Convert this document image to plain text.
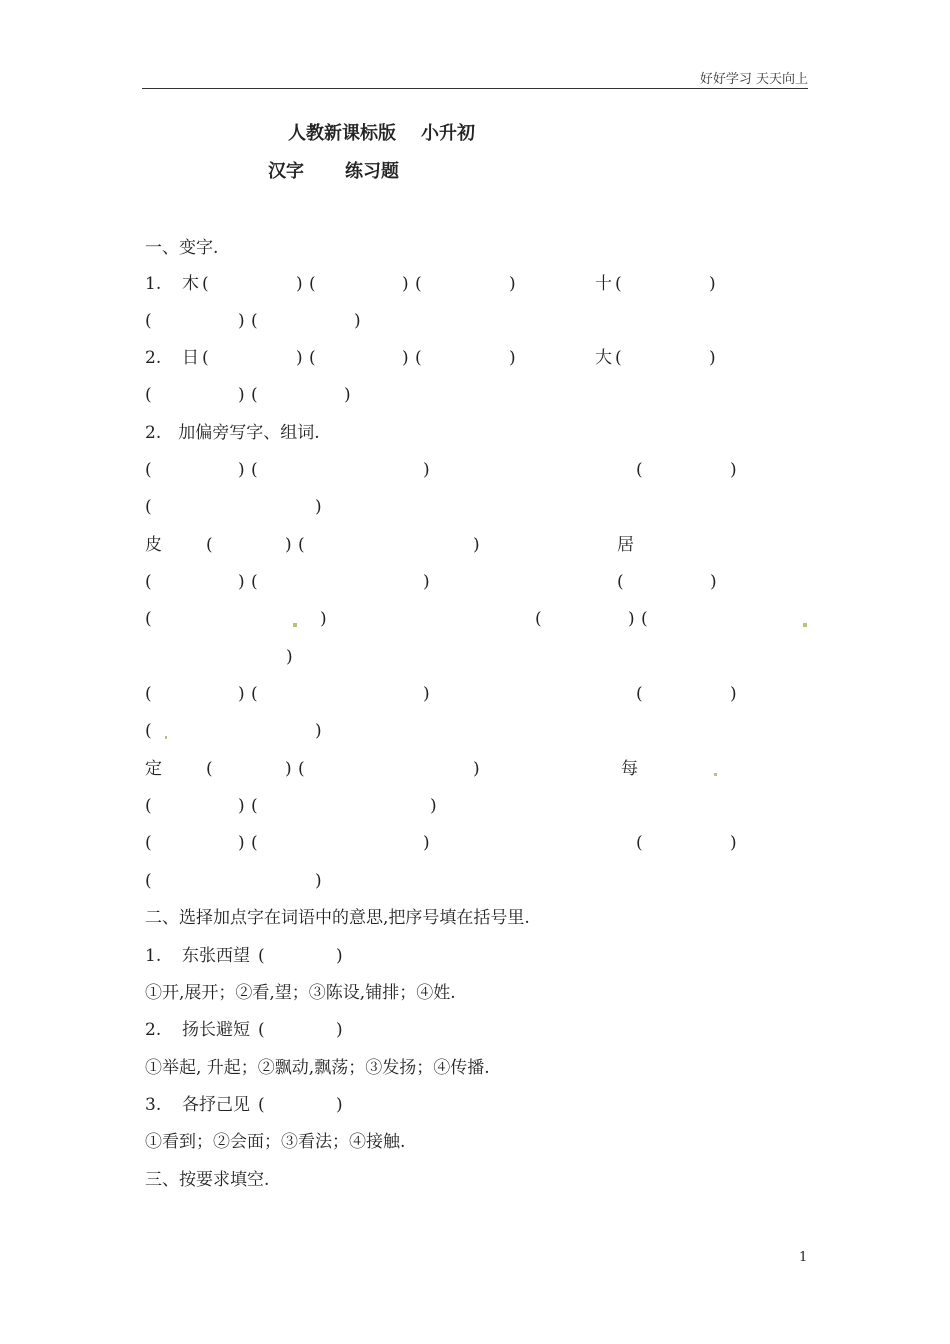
好好学习 天天向上
人教新课标版 小升初
汉字 练习题
一、变字.
1. 木 (	) (	) (	)	十 (	)
(	) (	)
2. 日 (	) (	) (	)	大 (	)
(	) (	)
2.　加偏旁写字、组词.
(	) (	)	(	)
(	)
皮	(	) (	)	居
(	) (	)	(	)
(	)	(	) (
)
(	) (	)	(	)
(	)
定	(	) (	)	每
(	) (	)
(	) (	)	(	)
(	)
二、选择加点字在词语中的意思,把序号填在括号里.
1. 东张西望 (	)
①开,展开；②看,望；③陈设,铺排；④姓.
2. 扬长避短 (	)
①举起, 升起；②飘动,飘荡；③发扬；④传播.
3. 各抒己见 (	)
①看到；②会面；③看法；④接触.
三、按要求填空.
1
